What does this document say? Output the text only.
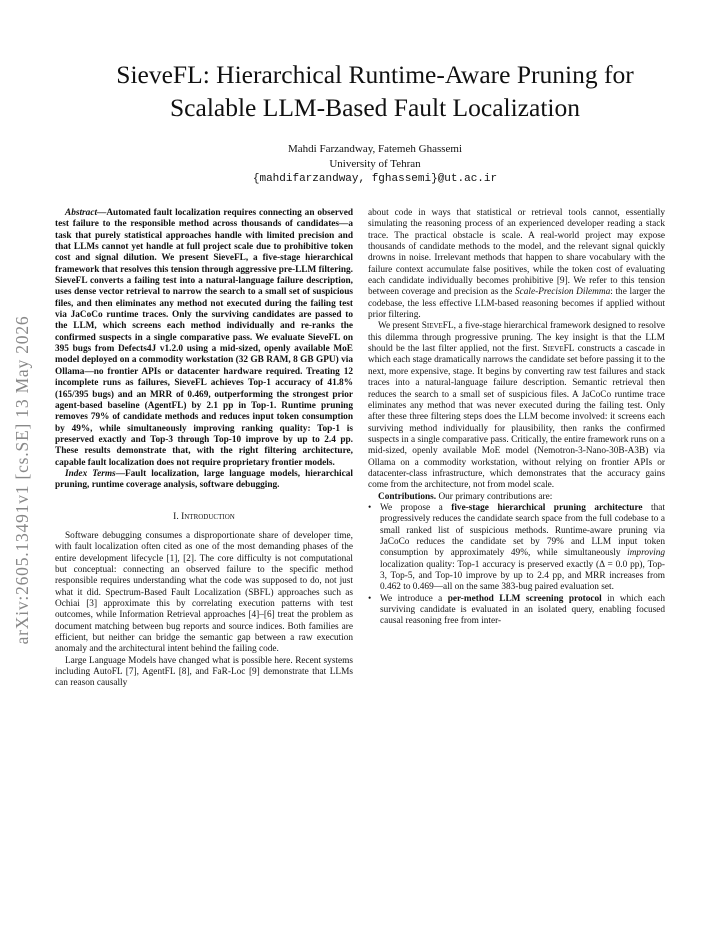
arXiv:2605.13491v1 [cs.SE] 13 May 2026
SieveFL: Hierarchical Runtime-Aware Pruning for Scalable LLM-Based Fault Localization
Mahdi Farzandway, Fatemeh Ghassemi
University of Tehran
{mahdifarzandway, fghassemi}@ut.ac.ir

Abstract—Automated fault localization requires connecting an observed test failure to the responsible method across thousands of candidates—a task that purely statistical approaches handle with limited precision and that LLMs cannot yet handle at full project scale due to prohibitive token cost and signal dilution. We present SieveFL, a five-stage hierarchical framework that resolves this tension through aggressive pre-LLM filtering. SieveFL converts a failing test into a natural-language failure description, uses dense vector retrieval to narrow the search to a small set of suspicious files, and then eliminates any method not executed during the failing test via JaCoCo runtime traces. Only the surviving candidates are passed to the LLM, which screens each method individually and re-ranks the confirmed suspects in a single comparative pass. We evaluate SieveFL on 395 bugs from Defects4J v1.2.0 using a mid-sized, openly available MoE model deployed on a commodity workstation (32 GB RAM, 8 GB GPU) via Ollama—no frontier APIs or datacenter hardware required. Treating 12 incomplete runs as failures, SieveFL achieves Top-1 accuracy of 41.8% (165/395 bugs) and an MRR of 0.469, outperforming the strongest prior agent-based baseline (AgentFL) by 2.1 pp in Top-1. Runtime pruning removes 79% of candidate methods and reduces input token consumption by 49%, while simultaneously improving ranking quality: Top-1 is preserved exactly and Top-3 through Top-10 improve by up to 2.4 pp. These results demonstrate that, with the right filtering architecture, capable fault localization does not require proprietary frontier models.

Index Terms—Fault localization, large language models, hierarchical pruning, runtime coverage analysis, software debugging.

I. Introduction

Software debugging consumes a disproportionate share of developer time, with fault localization often cited as one of the most demanding phases of the entire development lifecycle [1], [2]. The core difficulty is not computational but conceptual: connecting an observed failure to the specific method responsible requires understanding what the code was supposed to do, not just what it did. Spectrum-Based Fault Localization (SBFL) approaches such as Ochiai [3] approximate this by correlating execution patterns with test outcomes, while Information Retrieval approaches [4]–[6] treat the problem as document matching between bug reports and source indices. Both families are efficient, but neither can bridge the semantic gap between a raw execution anomaly and the architectural intent behind the failing code.

Large Language Models have changed what is possible here. Recent systems including AutoFL [7], AgentFL [8], and FaR-Loc [9] demonstrate that LLMs can reason causally

about code in ways that statistical or retrieval tools cannot, essentially simulating the reasoning process of an experienced developer reading a stack trace. The practical obstacle is scale. A real-world project may expose thousands of candidate methods to the model, and the relevant signal quickly drowns in noise. Irrelevant methods that happen to share vocabulary with the failure context accumulate false positives, while the token cost of evaluating each candidate individually becomes prohibitive [9]. We refer to this tension between coverage and precision as the Scale-Precision Dilemma: the larger the codebase, the less effective LLM-based reasoning becomes if applied without prior filtering.

We present SieveFL, a five-stage hierarchical framework designed to resolve this dilemma through progressive pruning. The key insight is that the LLM should be the last filter applied, not the first. SieveFL constructs a cascade in which each stage dramatically narrows the candidate set before passing it to the next, more expensive, stage. It begins by converting raw test failures and stack traces into a natural-language failure description. Semantic retrieval then reduces the search to a small set of suspicious files. A JaCoCo runtime trace eliminates any method that was never executed during the failing test. Only after these three filtering steps does the LLM become involved: it screens each surviving method individually for plausibility, then ranks the confirmed suspects in a single comparative pass. Critically, the entire framework runs on a mid-sized, openly available MoE model (Nemotron-3-Nano-30B-A3B) via Ollama on a commodity workstation, without relying on frontier APIs or datacenter-class infrastructure, which demonstrates that the accuracy gains come from the architecture, not from model scale.

Contributions. Our primary contributions are:

• We propose a five-stage hierarchical pruning architecture that progressively reduces the candidate search space from the full codebase to a small ranked list of suspicious methods. Runtime-aware pruning via JaCoCo reduces the candidate set by 79% and LLM input token consumption by approximately 49%, while simultaneously improving localization quality: Top-1 accuracy is preserved exactly (Δ = 0.0 pp), Top-3, Top-5, and Top-10 improve by up to 2.4 pp, and MRR increases from 0.462 to 0.469—all on the same 383-bug paired evaluation set.
• We introduce a per-method LLM screening protocol in which each surviving candidate is evaluated in an isolated query, enabling focused causal reasoning free from inter-
